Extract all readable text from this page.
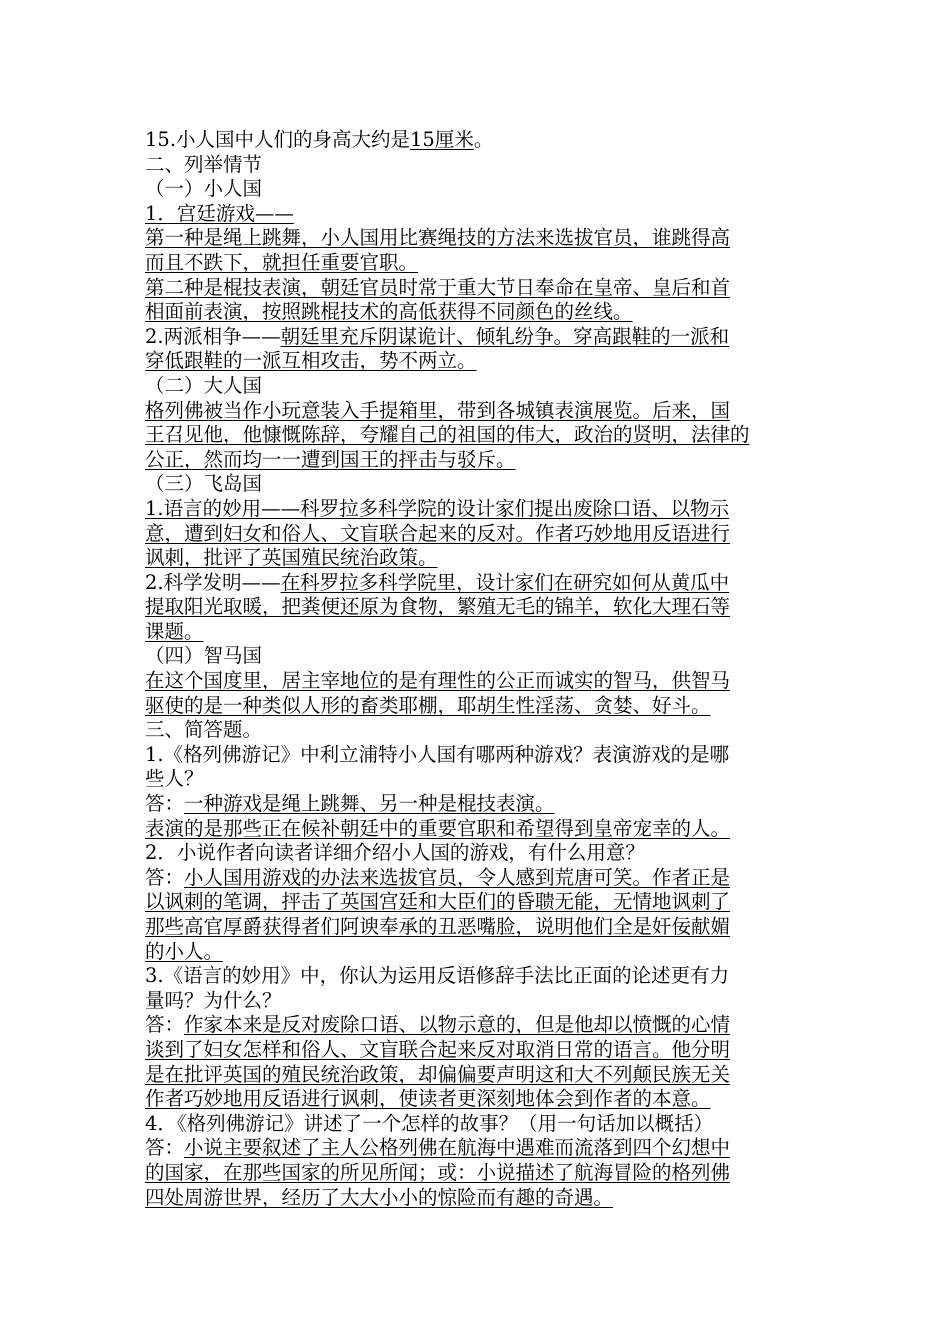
15.小人国中人们的身高大约是15厘米。
二、列举情节
（一）小人国
1．宫廷游戏——
第一种是绳上跳舞，小人国用比赛绳技的方法来选拔官员，谁跳得高
而且不跌下，就担任重要官职。
第二种是棍技表演，朝廷官员时常于重大节日奉命在皇帝、皇后和首
相面前表演，按照跳棍技术的高低获得不同颜色的丝线。
2.两派相争——朝廷里充斥阴谋诡计、倾轧纷争。穿高跟鞋的一派和
穿低跟鞋的一派互相攻击，势不两立。
（二）大人国
格列佛被当作小玩意装入手提箱里，带到各城镇表演展览。后来，国
王召见他，他慷慨陈辞，夸耀自己的祖国的伟大，政治的贤明，法律的
公正，然而均一一遭到国王的抨击与驳斥。
（三）飞岛国
1.语言的妙用——科罗拉多科学院的设计家们提出废除口语、以物示
意，遭到妇女和俗人、文盲联合起来的反对。作者巧妙地用反语进行
讽刺，批评了英国殖民统治政策。
2.科学发明——在科罗拉多科学院里，设计家们在研究如何从黄瓜中
提取阳光取暖，把粪便还原为食物，繁殖无毛的锦羊，软化大理石等
课题。
（四）智马国
在这个国度里，居主宰地位的是有理性的公正而诚实的智马，供智马
驱使的是一种类似人形的畜类耶棚，耶胡生性淫荡、贪婪、好斗。
三、简答题。
1.《格列佛游记》中利立浦特小人国有哪两种游戏？表演游戏的是哪
些人？
答：一种游戏是绳上跳舞、另一种是棍技表演。
表演的是那些正在候补朝廷中的重要官职和希望得到皇帝宠幸的人。
2．小说作者向读者详细介绍小人国的游戏，有什么用意？
答：小人国用游戏的办法来选拔官员，令人感到荒唐可笑。作者正是
以讽刺的笔调，抨击了英国宫廷和大臣们的昏聩无能，无情地讽刺了
那些高官厚爵获得者们阿谀奉承的丑恶嘴脸，说明他们全是奸佞献媚
的小人。
3.《语言的妙用》中，你认为运用反语修辞手法比正面的论述更有力
量吗？为什么？
答：作家本来是反对废除口语、以物示意的，但是他却以愤慨的心情
谈到了妇女怎样和俗人、文盲联合起来反对取消日常的语言。他分明
是在批评英国的殖民统治政策，却偏偏要声明这和大不列颠民族无关
作者巧妙地用反语进行讽刺，使读者更深刻地体会到作者的本意。
4．《格列佛游记》讲述了一个怎样的故事？（用一句话加以概括）
答：小说主要叙述了主人公格列佛在航海中遇难而流落到四个幻想中
的国家，在那些国家的所见所闻；或：小说描述了航海冒险的格列佛
四处周游世界，经历了大大小小的惊险而有趣的奇遇。
